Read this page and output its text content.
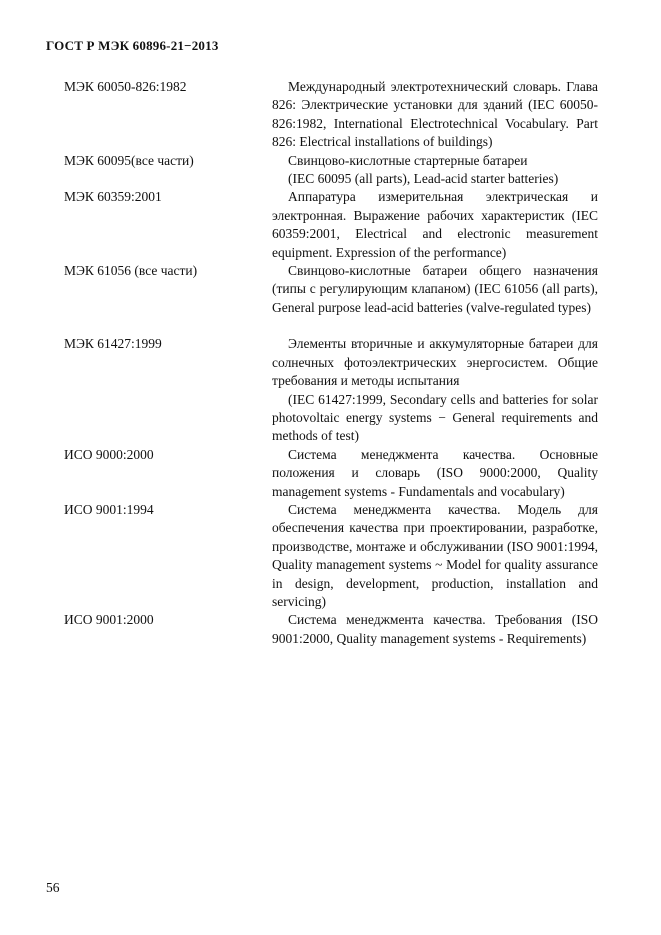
ГОСТ Р МЭК 60896-21−2013
МЭК 60050-826:1982	Международный электротехнический словарь. Глава 826: Электрические установки для зданий (IEC 60050-826:1982, International Electrotechnical Vocabulary. Part 826: Electrical installations of buildings)

МЭК 60095(все части)	Свинцово-кислотные стартерные батареи

(IEC 60095 (all parts), Lead-acid starter batteries)

МЭК 60359:2001	Аппаратура измерительная электрическая и электронная. Выражение рабочих характеристик (IEC 60359:2001, Electrical and electronic measurement equipment. Expression of the performance)

МЭК 61056 (все части)	Свинцово-кислотные батареи общего назначения (типы с регулирующим клапаном) (IEC 61056 (all parts), General purpose lead-acid batteries (valve-regulated types)

МЭК 61427:1999	Элементы вторичные и аккумуляторные батареи для солнечных фотоэлектрических энергосистем. Общие требования и методы испытания

(IEC 61427:1999, Secondary cells and batteries for solar photovoltaic energy systems − General requirements and methods of test)

ИСО 9000:2000	Система менеджмента качества. Основные положения и словарь (ISO 9000:2000, Quality management systems - Fundamentals and vocabulary)

ИСО 9001:1994	Система менеджмента качества. Модель для обеспечения качества при проектировании, разработке, производстве, монтаже и обслуживании (ISO 9001:1994, Quality management systems ~ Model for quality assurance in design, development, production, installation and servicing)

ИСО 9001:2000	Система менеджмента качества. Требования (ISO 9001:2000, Quality management systems - Requirements)

56
